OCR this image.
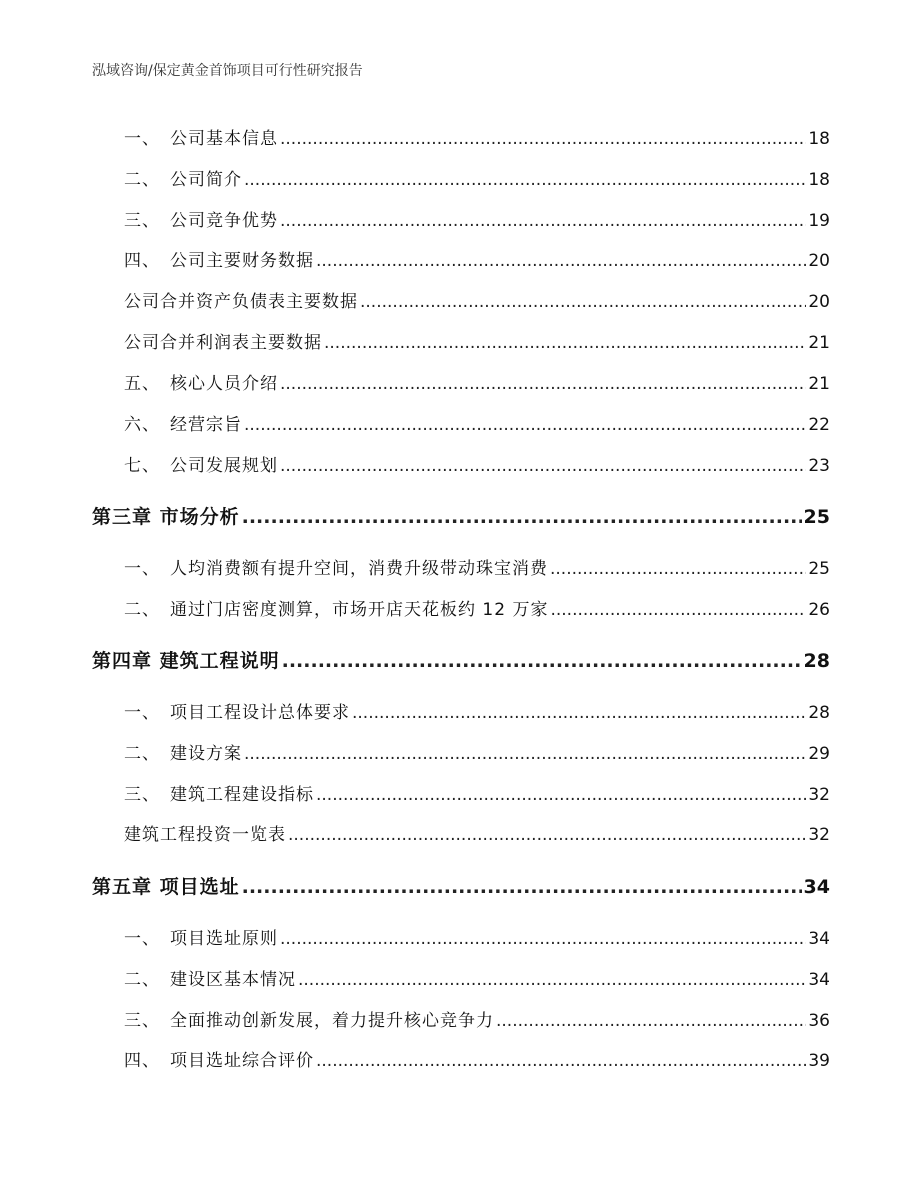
泓域咨询/保定黄金首饰项目可行性研究报告
一、 公司基本信息 .....	18
二、 公司简介 .....	18
三、 公司竞争优势 .....	19
四、 公司主要财务数据 .....	20
公司合并资产负债表主要数据 .....	20
公司合并利润表主要数据 .....	21
五、 核心人员介绍 .....	21
六、 经营宗旨 .....	22
七、 公司发展规划 .....	23
第三章 市场分析 .....	25
一、 人均消费额有提升空间，消费升级带动珠宝消费 .....	25
二、 通过门店密度测算，市场开店天花板约 12 万家 .....	26
第四章 建筑工程说明 .....	28
一、 项目工程设计总体要求 .....	28
二、 建设方案 .....	29
三、 建筑工程建设指标 .....	32
建筑工程投资一览表 .....	32
第五章 项目选址 .....	34
一、 项目选址原则 .....	34
二、 建设区基本情况 .....	34
三、 全面推动创新发展，着力提升核心竞争力 .....	36
四、 项目选址综合评价 .....	39
